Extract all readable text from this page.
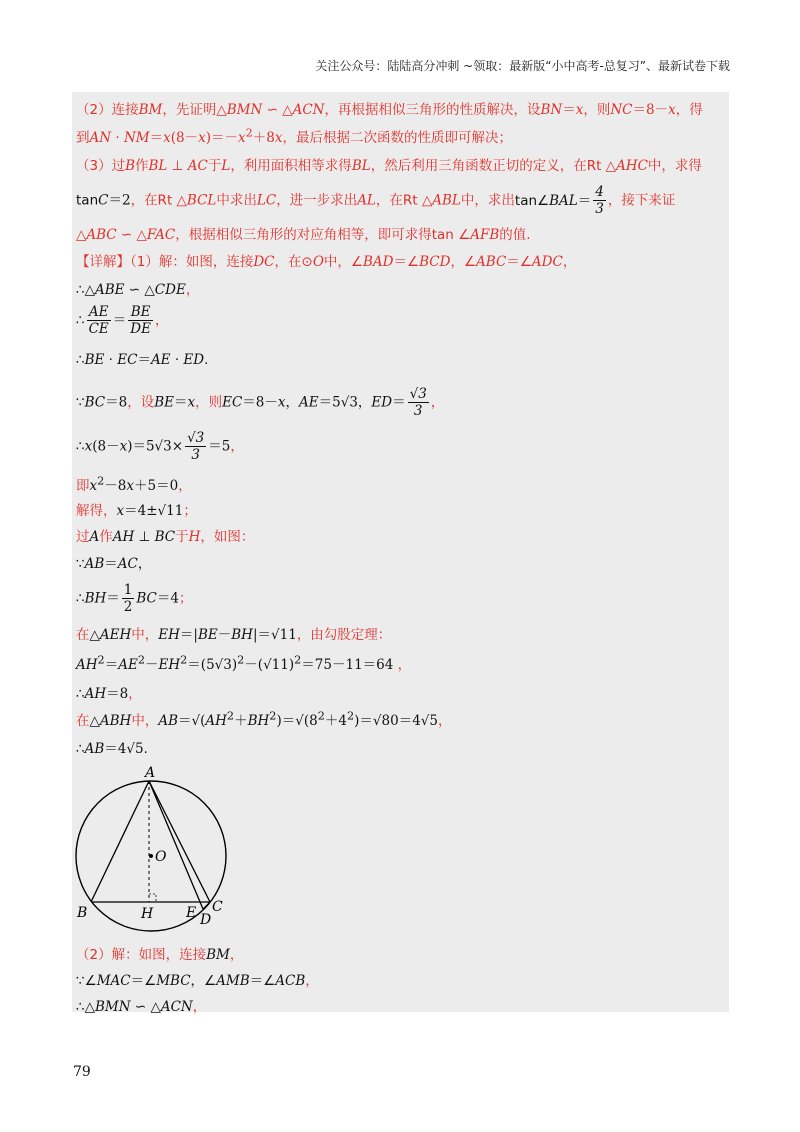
关注公众号：陆陆高分冲刺 ~领取：最新版“小中高考-总复习”、最新试卷下载
（2）连接BM，先证明△BMN ∽ △ACN，再根据相似三角形的性质解决，设BN＝x，则NC＝8－x，得
到AN · $NM=x(8-x)=-x^2+8x$，最后根据二次函数的性质即可解决；
（3）过B作BL ⊥ AC于L，利用面积相等求得BL，然后利用三角函数正切的定义，在Rt △AHC中，求得
tanC＝2，在Rt △BCL中求出LC，进一步求出AL，在Rt △ABL中，求出tan∠BAL＝ $\frac{4}{3}$ ，接下来证
△ABC ∽ △FAC，根据相似三角形的对应角相等，即可求得tan ∠AFB的值.
【详解】（1）解：如图，连接DC，在⊙O中，∠BAD＝∠BCD，∠ABC＝∠ADC，
∴△ABE ∽ △CDE，
∴ $\frac{AE}{CE} = \frac{BE}{DE}$ ，
∴BE · EC＝AE · ED.
∵BC＝8，设BE＝x，则EC＝8－x，AE＝5√3，$ED= \frac{√3}{3}$ ，
∴x(8－x)＝5√3× $\frac{√3}{3} =5$，
即$x^2-8x+5=0$，
解得，x＝4±√11；
过A作AH ⊥ BC于H，如图：
∵AB＝AC，
∴BH＝ $\frac{1}{2} BC=4$；
在△AEH中，EH＝|BE－BH|＝√11，由勾股定理：
$AH^2=AE^2-EH^2=(5√3)^2-(√11)^2=75-11=64$ ，
∴AH＝8，
在△ABH中，$AB=√(AH^2+BH^2)=√(8^2+4^2)=√80=4√5$，
∴AB＝4√5.
A
O
B	H E C
D
（2）解：如图，连接BM，
∵∠MAC＝∠MBC，∠AMB＝∠ACB，
∴△BMN ∽ △ACN，
79
